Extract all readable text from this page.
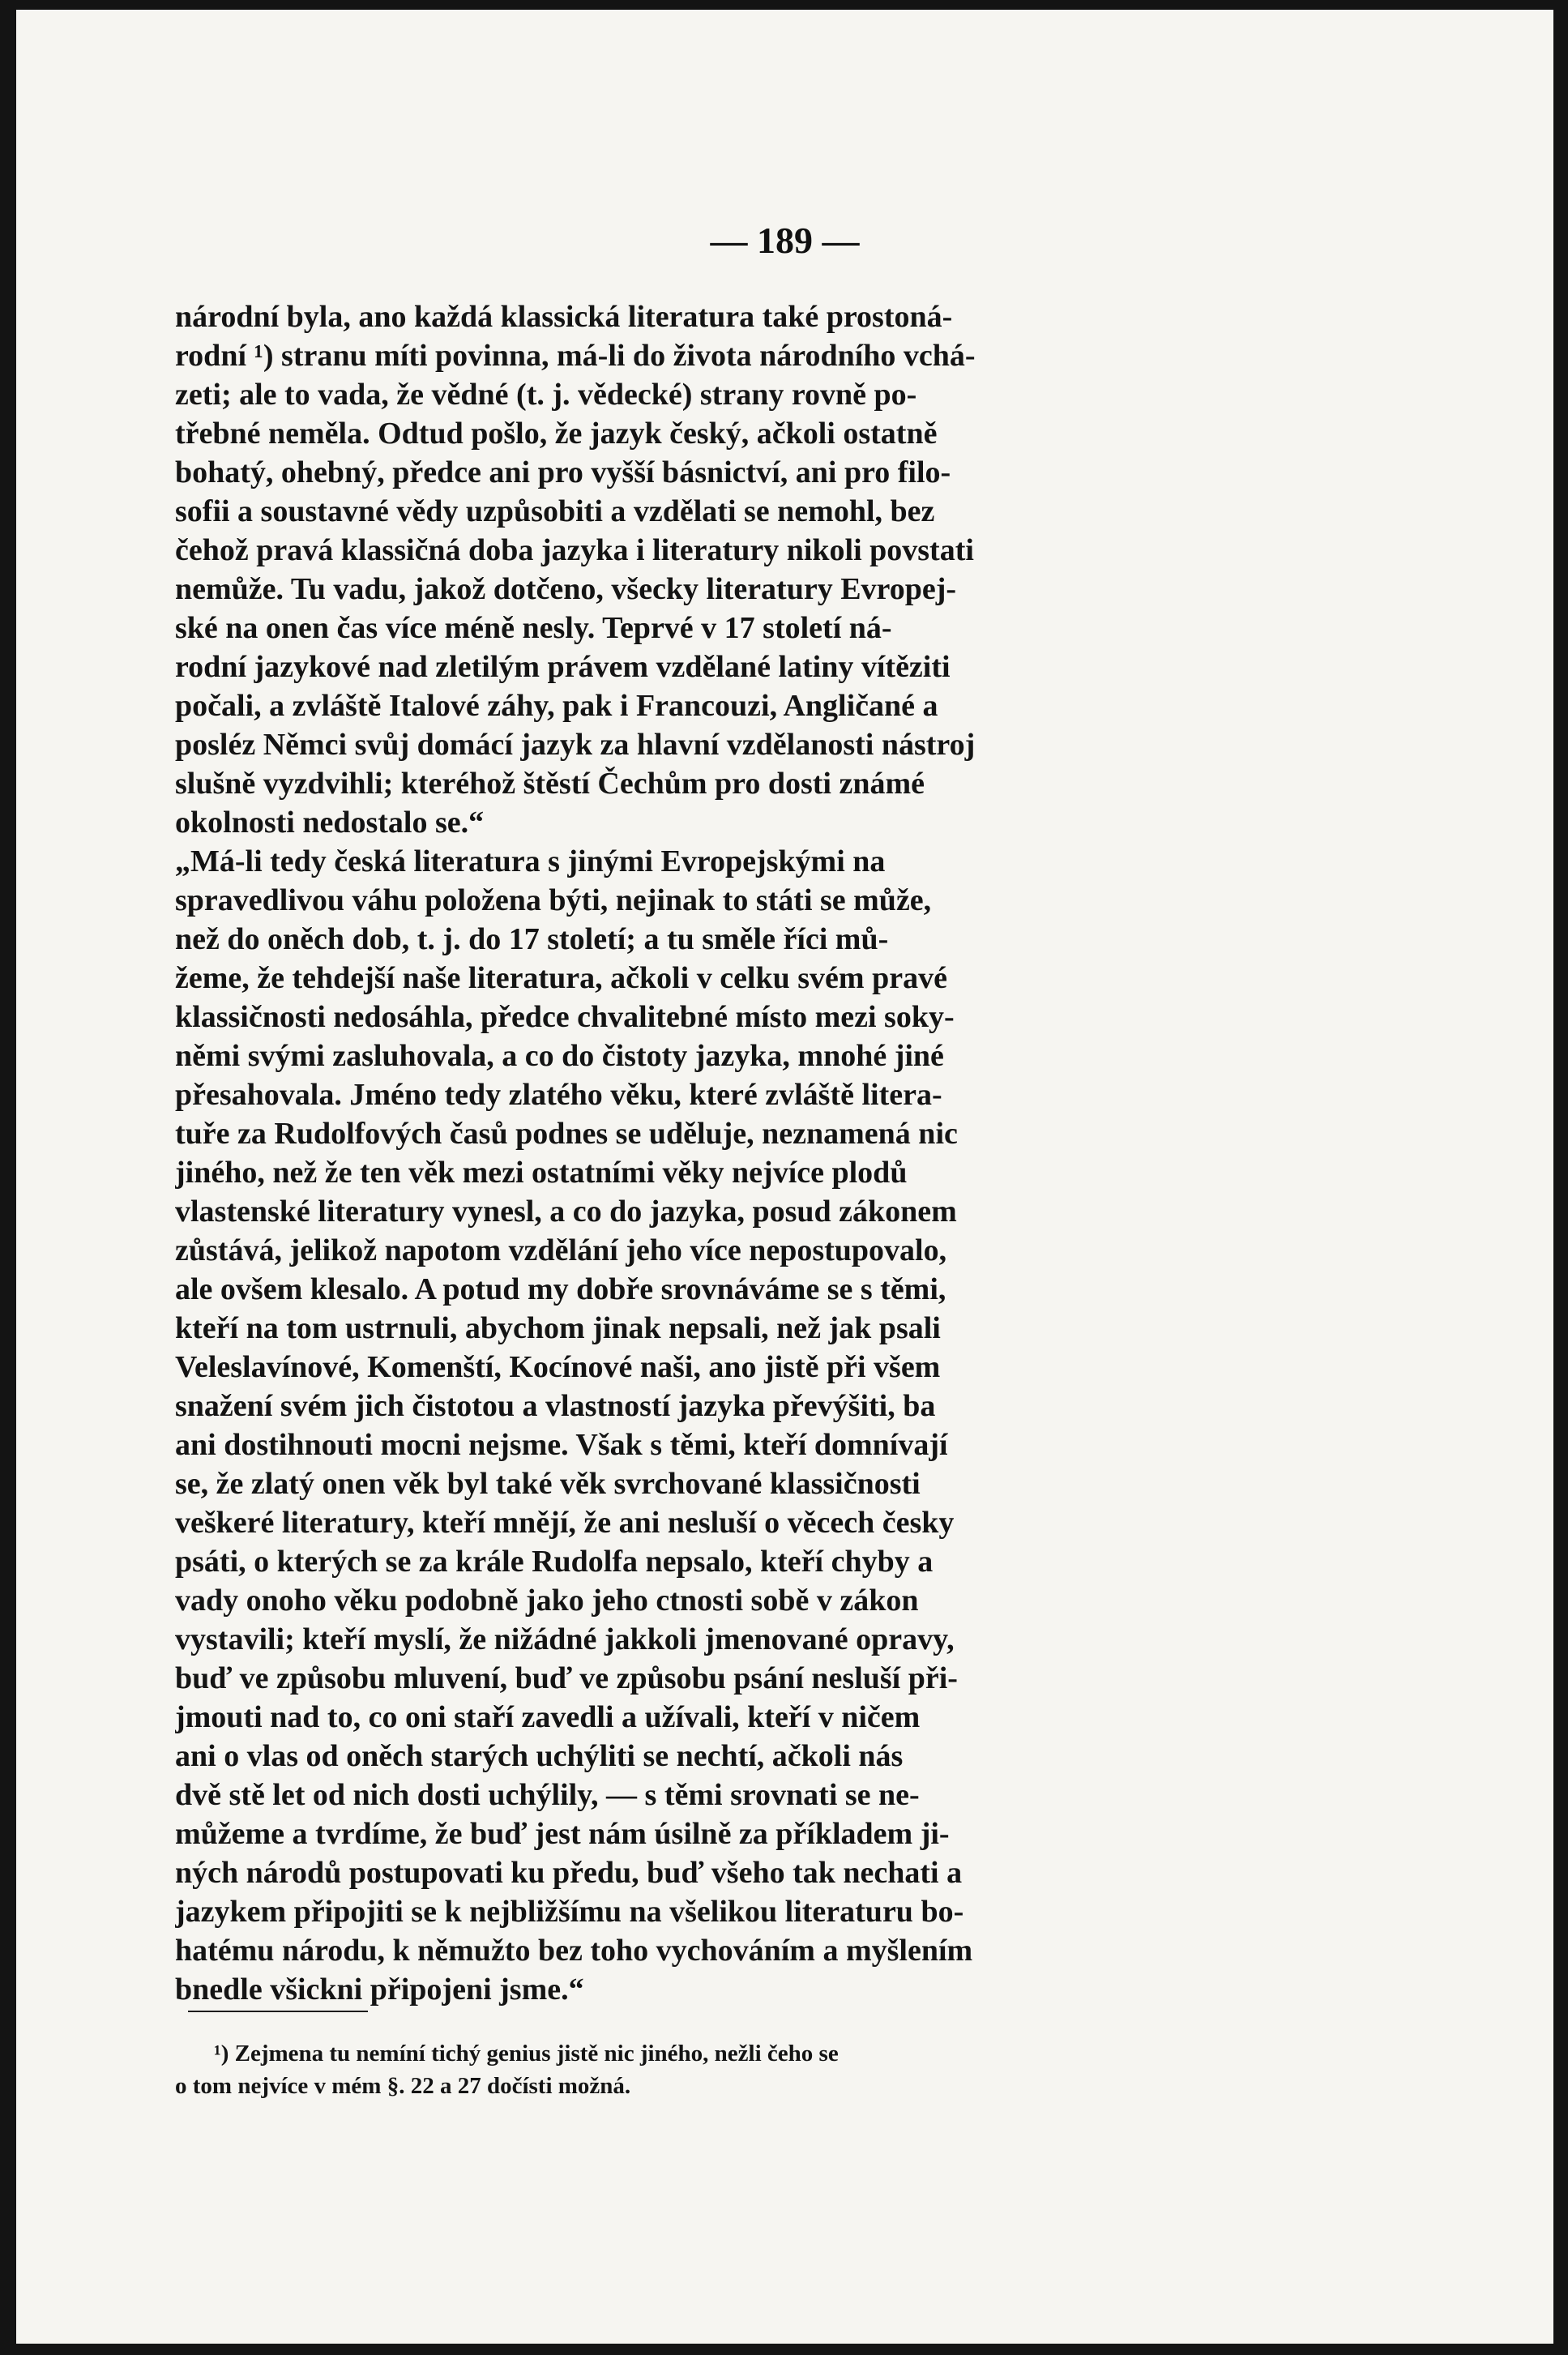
— 189 —
národní byla, ano každá klassická literatura také prostoná-
rodní ¹) stranu míti povinna, má-li do života národního vchá-
zeti; ale to vada, že vědné (t. j. vědecké) strany rovně po-
třebné neměla. Odtud pošlo, že jazyk český, ačkoli ostatně
bohatý, ohebný, předce ani pro vyšší básnictví, ani pro filo-
sofii a soustavné vědy uzpůsobiti a vzdělati se nemohl, bez
čehož pravá klassičná doba jazyka i literatury nikoli povstati
nemůže. Tu vadu, jakož dotčeno, všecky literatury Evropej-
ské na onen čas více méně nesly. Teprvé v 17 století ná-
rodní jazykové nad zletilým právem vzdělané latiny vítěziti
počali, a zvláště Italové záhy, pak i Francouzi, Angličané a
posléz Němci svůj domácí jazyk za hlavní vzdělanosti nástroj
slušně vyzdvihli; kteréhož štěstí Čechům pro dosti známé
okolnosti nedostalo se.“
„Má-li tedy česká literatura s jinými Evropejskými na
spravedlivou váhu položena býti, nejinak to státi se může,
než do oněch dob, t. j. do 17 století; a tu směle říci mů-
žeme, že tehdejší naše literatura, ačkoli v celku svém pravé
klassičnosti nedosáhla, předce chvalitebné místo mezi soky-
němi svými zasluhovala, a co do čistoty jazyka, mnohé jiné
přesahovala. Jméno tedy zlatého věku, které zvláště litera-
tuře za Rudolfových časů podnes se uděluje, neznamená nic
jiného, než že ten věk mezi ostatními věky nejvíce plodů
vlastenské literatury vynesl, a co do jazyka, posud zákonem
zůstává, jelikož napotom vzdělání jeho více nepostupovalo,
ale ovšem klesalo. A potud my dobře srovnáváme se s těmi,
kteří na tom ustrnuli, abychom jinak nepsali, než jak psali
Veleslavínové, Komenští, Kocínové naši, ano jistě při všem
snažení svém jich čistotou a vlastností jazyka převýšiti, ba
ani dostihnouti mocni nejsme. Však s těmi, kteří domnívají
se, že zlatý onen věk byl také věk svrchované klassičnosti
veškeré literatury, kteří mnějí, že ani nesluší o věcech česky
psáti, o kterých se za krále Rudolfa nepsalo, kteří chyby a
vady onoho věku podobně jako jeho ctnosti sobě v zákon
vystavili; kteří myslí, že nižádné jakkoli jmenované opravy,
buď ve způsobu mluvení, buď ve způsobu psání nesluší při-
jmouti nad to, co oni staří zavedli a užívali, kteří v ničem
ani o vlas od oněch starých uchýliti se nechtí, ačkoli nás
dvě stě let od nich dosti uchýlily, — s těmi srovnati se ne-
můžeme a tvrdíme, že buď jest nám úsilně za příkladem ji-
ných národů postupovati ku předu, buď všeho tak nechati a
jazykem připojiti se k nejbližšímu na všelikou literaturu bo-
hatému národu, k němužto bez toho vychováním a myšlením
bnedle všickni připojeni jsme.“
¹) Zejmena tu nemíní tichý genius jistě nic jiného, nežli čeho se
o tom nejvíce v mém §. 22 a 27 dočísti možná.
